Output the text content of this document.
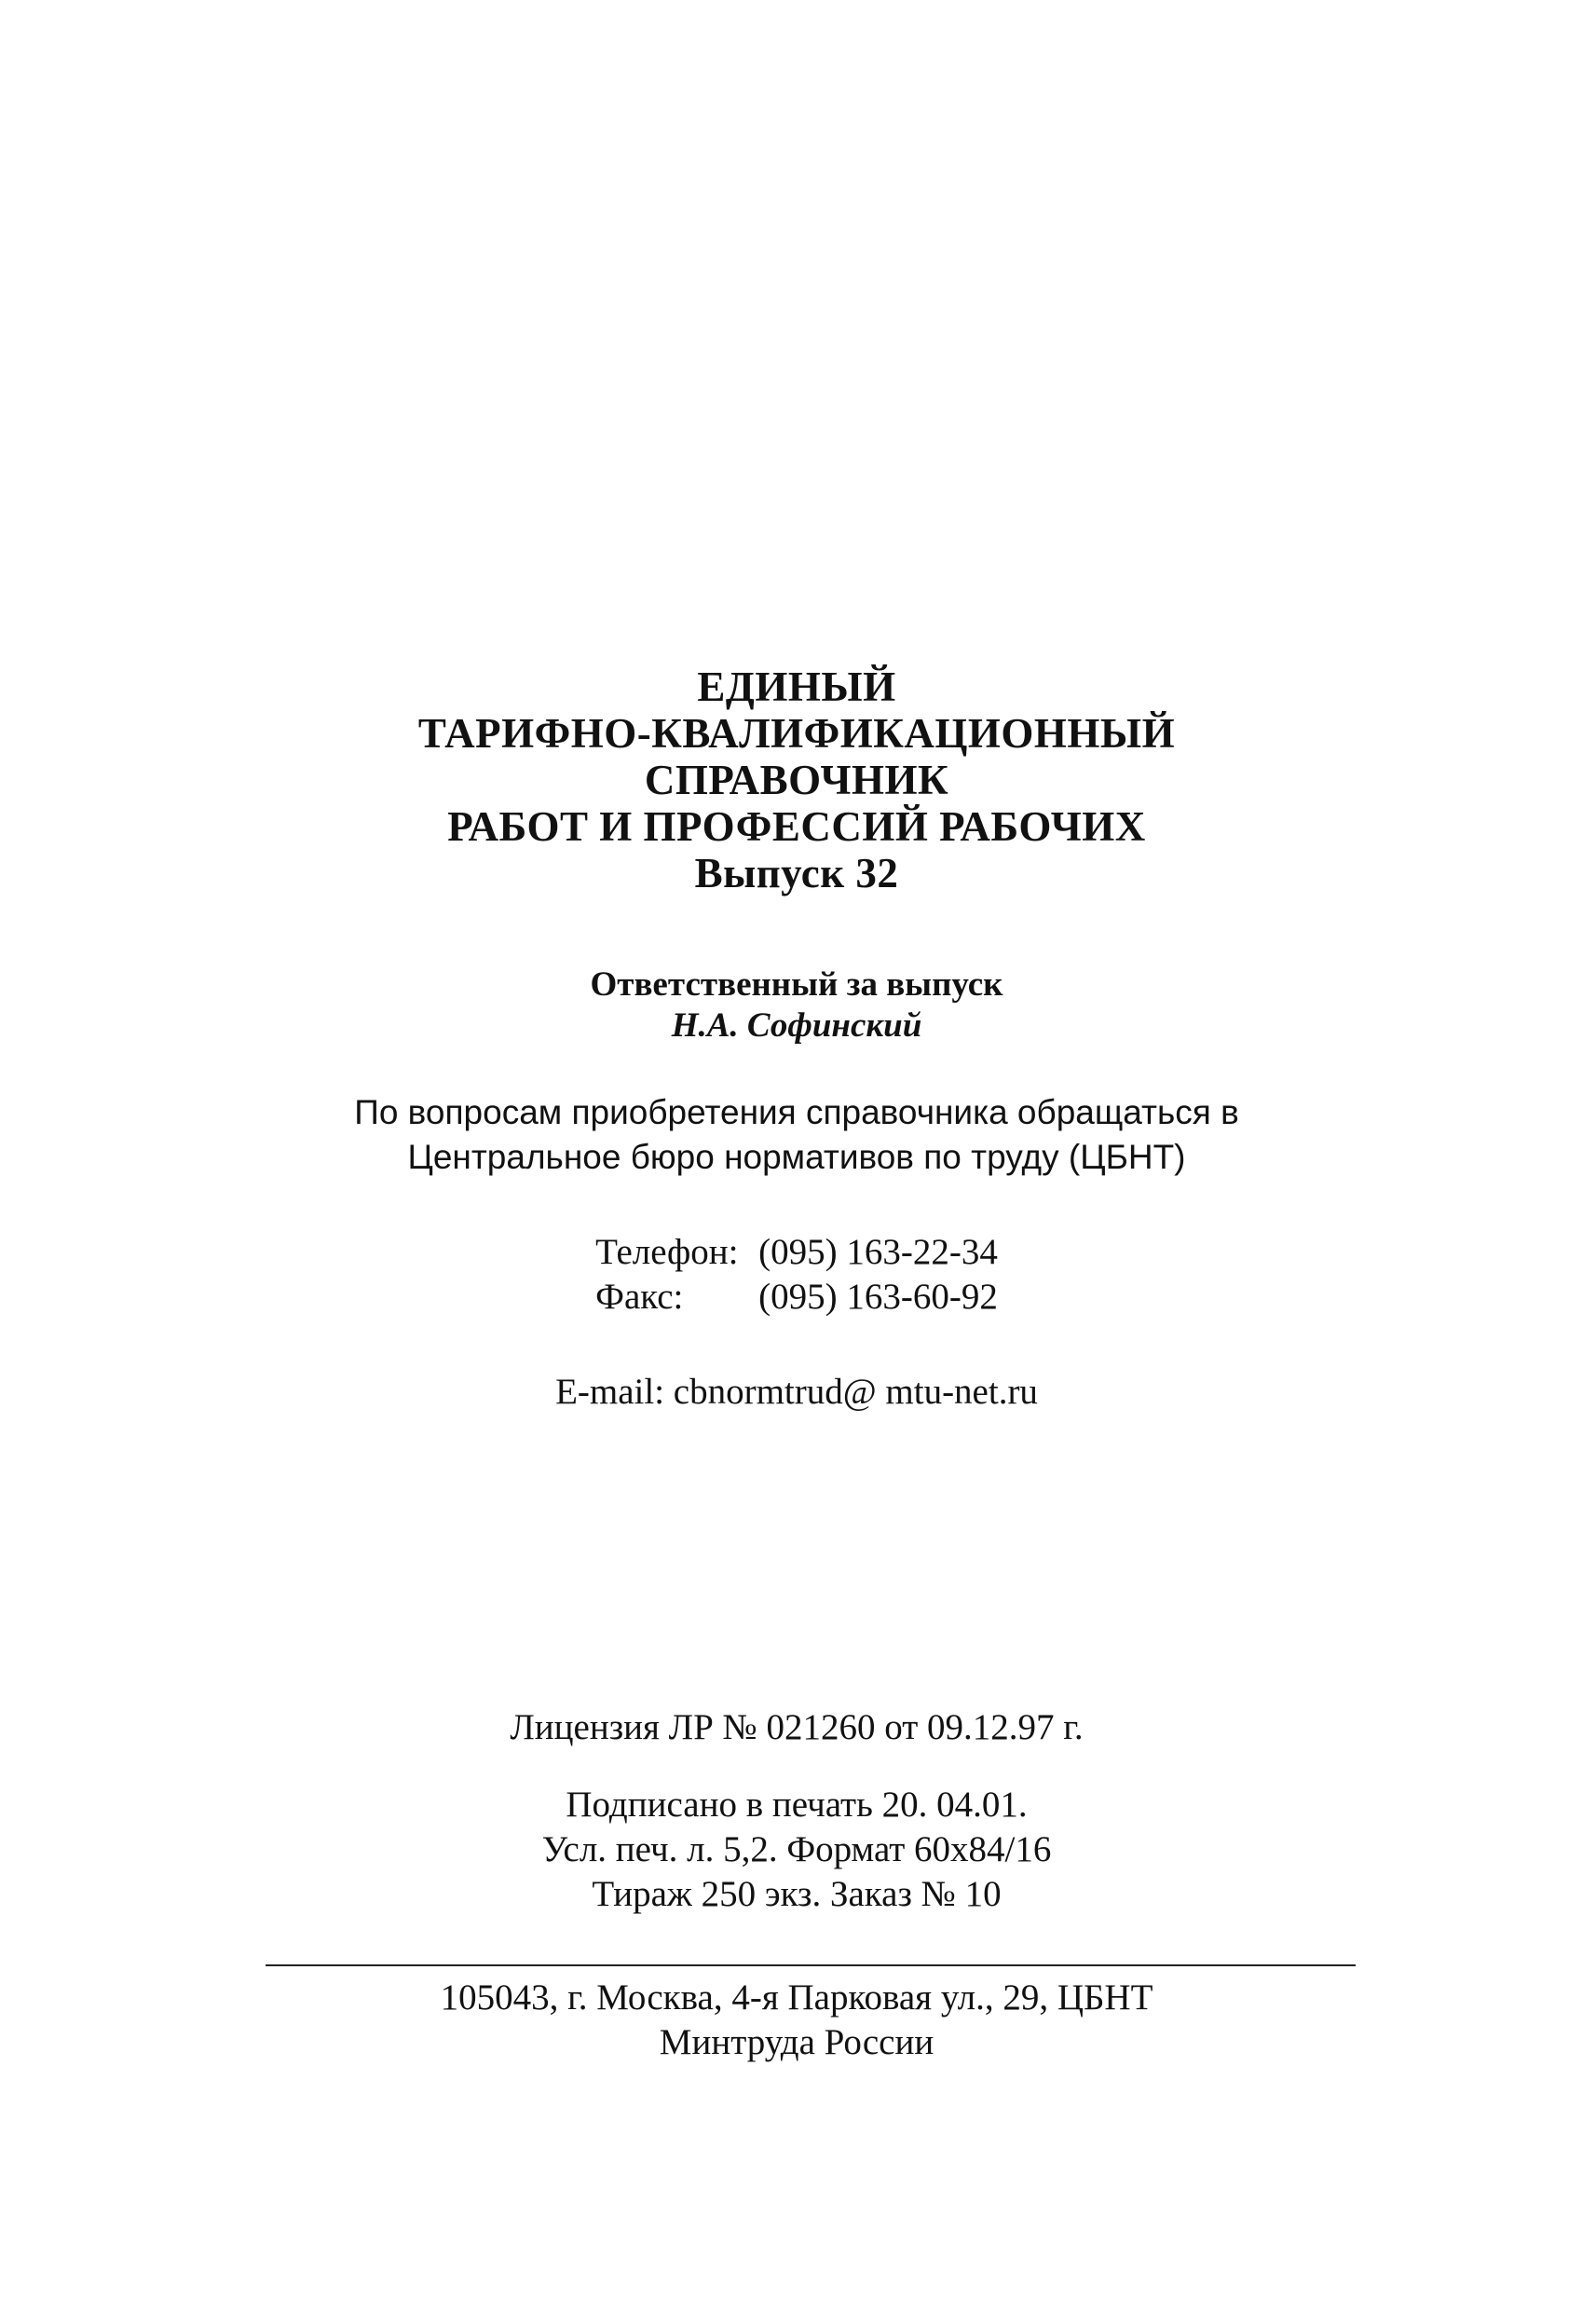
ЕДИНЫЙ
ТАРИФНО-КВАЛИФИКАЦИОННЫЙ
СПРАВОЧНИК
РАБОТ И ПРОФЕССИЙ РАБОЧИХ
Выпуск 32
Ответственный за выпуск
Н.А. Софинский
По вопросам приобретения справочника обращаться в
Центральное бюро нормативов по труду (ЦБНТ)
Телефон: (095) 163-22-34
Факс: (095) 163-60-92
E-mail: cbnormtrud@ mtu-net.ru
Лицензия ЛР № 021260 от 09.12.97 г.
Подписано в печать 20. 04.01.
Усл. печ. л. 5,2. Формат 60x84/16
Тираж 250 экз. Заказ № 10
105043, г. Москва, 4-я Парковая ул., 29, ЦБНТ
Минтруда России
